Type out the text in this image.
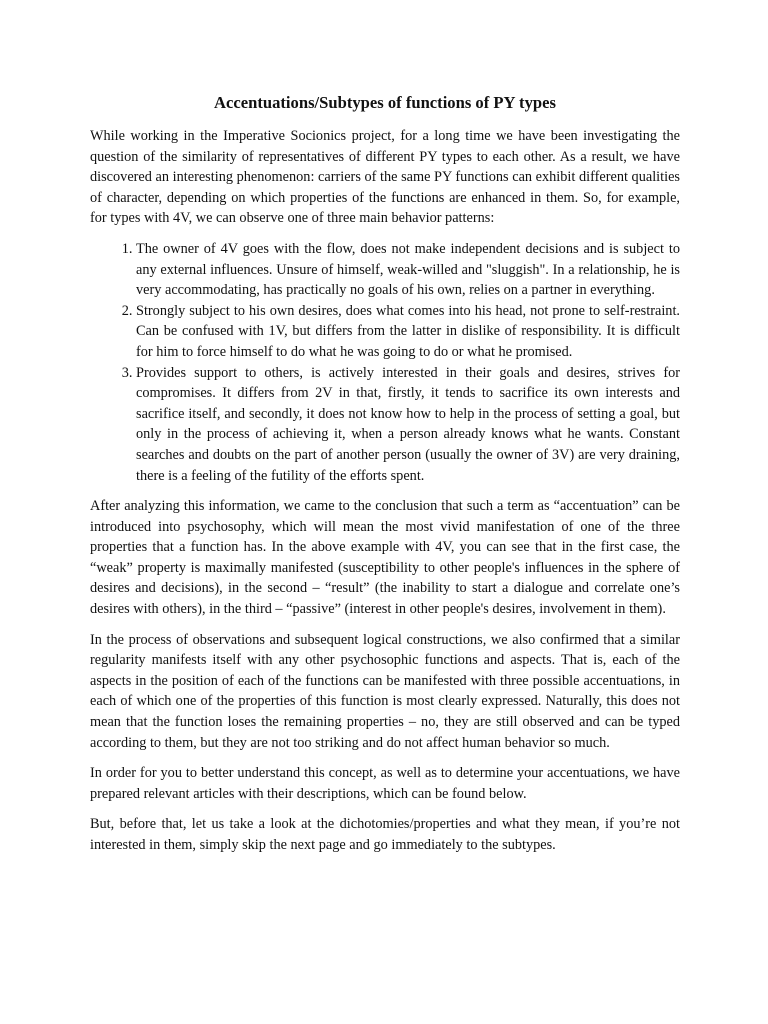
Accentuations/Subtypes of functions of PY types

While working in the Imperative Socionics project, for a long time we have been investigating the question of the similarity of representatives of different PY types to each other. As a result, we have discovered an interesting phenomenon: carriers of the same PY functions can exhibit different qualities of character, depending on which properties of the functions are enhanced in them. So, for example, for types with 4V, we can observe one of three main behavior patterns:

1. The owner of 4V goes with the flow, does not make independent decisions and is subject to any external influences. Unsure of himself, weak-willed and "sluggish". In a relationship, he is very accommodating, has practically no goals of his own, relies on a partner in everything.
2. Strongly subject to his own desires, does what comes into his head, not prone to self-restraint. Can be confused with 1V, but differs from the latter in dislike of responsibility. It is difficult for him to force himself to do what he was going to do or what he promised.
3. Provides support to others, is actively interested in their goals and desires, strives for compromises. It differs from 2V in that, firstly, it tends to sacrifice its own interests and sacrifice itself, and secondly, it does not know how to help in the process of setting a goal, but only in the process of achieving it, when a person already knows what he wants. Constant searches and doubts on the part of another person (usually the owner of 3V) are very draining, there is a feeling of the futility of the efforts spent.

After analyzing this information, we came to the conclusion that such a term as “accentuation” can be introduced into psychosophy, which will mean the most vivid manifestation of one of the three properties that a function has. In the above example with 4V, you can see that in the first case, the “weak” property is maximally manifested (susceptibility to other people's influences in the sphere of desires and decisions), in the second – “result” (the inability to start a dialogue and correlate one’s desires with others), in the third – “passive” (interest in other people's desires, involvement in them).

In the process of observations and subsequent logical constructions, we also confirmed that a similar regularity manifests itself with any other psychosophic functions and aspects. That is, each of the aspects in the position of each of the functions can be manifested with three possible accentuations, in each of which one of the properties of this function is most clearly expressed. Naturally, this does not mean that the function loses the remaining properties – no, they are still observed and can be typed according to them, but they are not too striking and do not affect human behavior so much.

In order for you to better understand this concept, as well as to determine your accentuations, we have prepared relevant articles with their descriptions, which can be found below.

But, before that, let us take a look at the dichotomies/properties and what they mean, if you’re not interested in them, simply skip the next page and go immediately to the subtypes.
